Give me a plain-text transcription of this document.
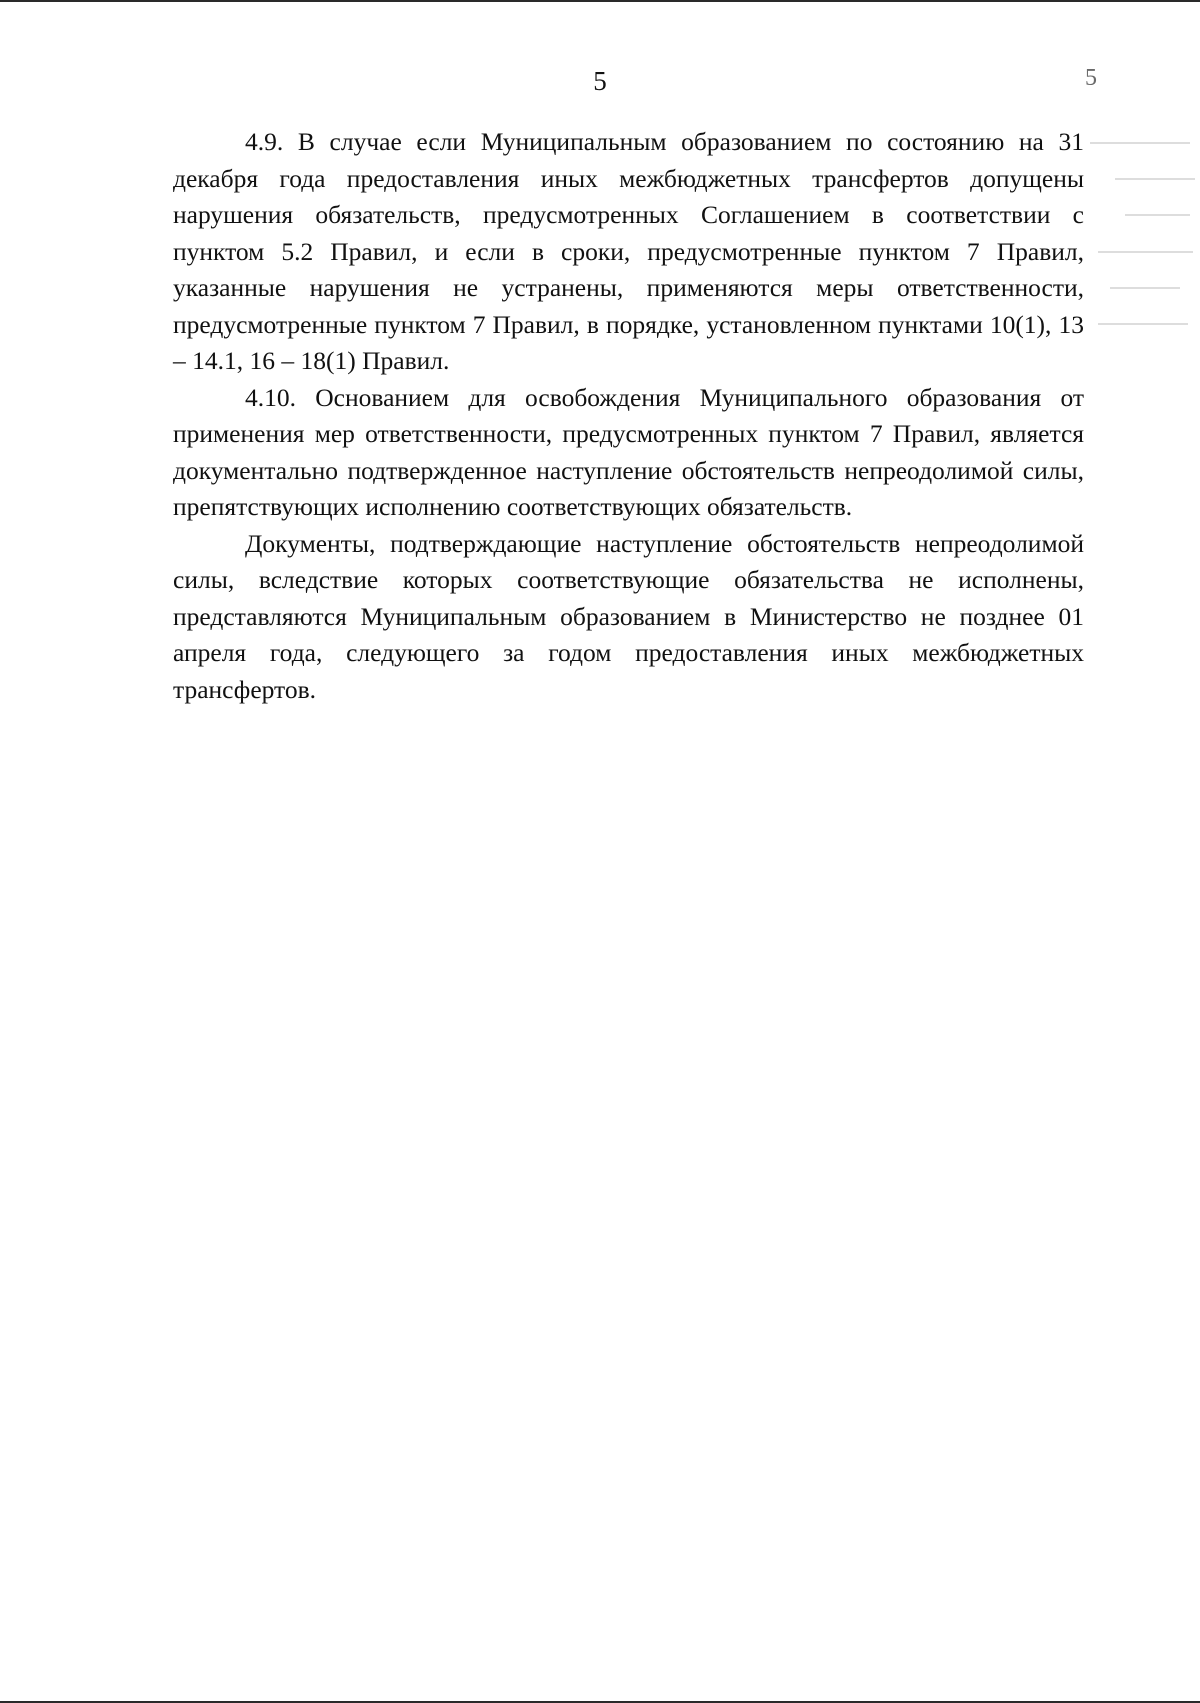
5	5

4.9. В случае если Муниципальным образованием по состоянию на 31 декабря года предоставления иных межбюджетных трансфертов допущены нарушения обязательств, предусмотренных Соглашением в соответствии с пунктом 5.2 Правил, и если в сроки, предусмотренные пунктом 7 Правил, указанные нарушения не устранены, применяются меры ответственности, предусмотренные пунктом 7 Правил, в порядке, установленном пунктами 10(1), 13 – 14.1, 16 – 18(1) Правил.

4.10. Основанием для освобождения Муниципального образования от применения мер ответственности, предусмотренных пунктом 7 Правил, является документально подтвержденное наступление обстоятельств непреодолимой силы, препятствующих исполнению соответствующих обязательств.

Документы, подтверждающие наступление обстоятельств непреодолимой силы, вследствие которых соответствующие обязательства не исполнены, представляются Муниципальным образованием в Министерство не позднее 01 апреля года, следующего за годом предоставления иных межбюджетных трансфертов.
